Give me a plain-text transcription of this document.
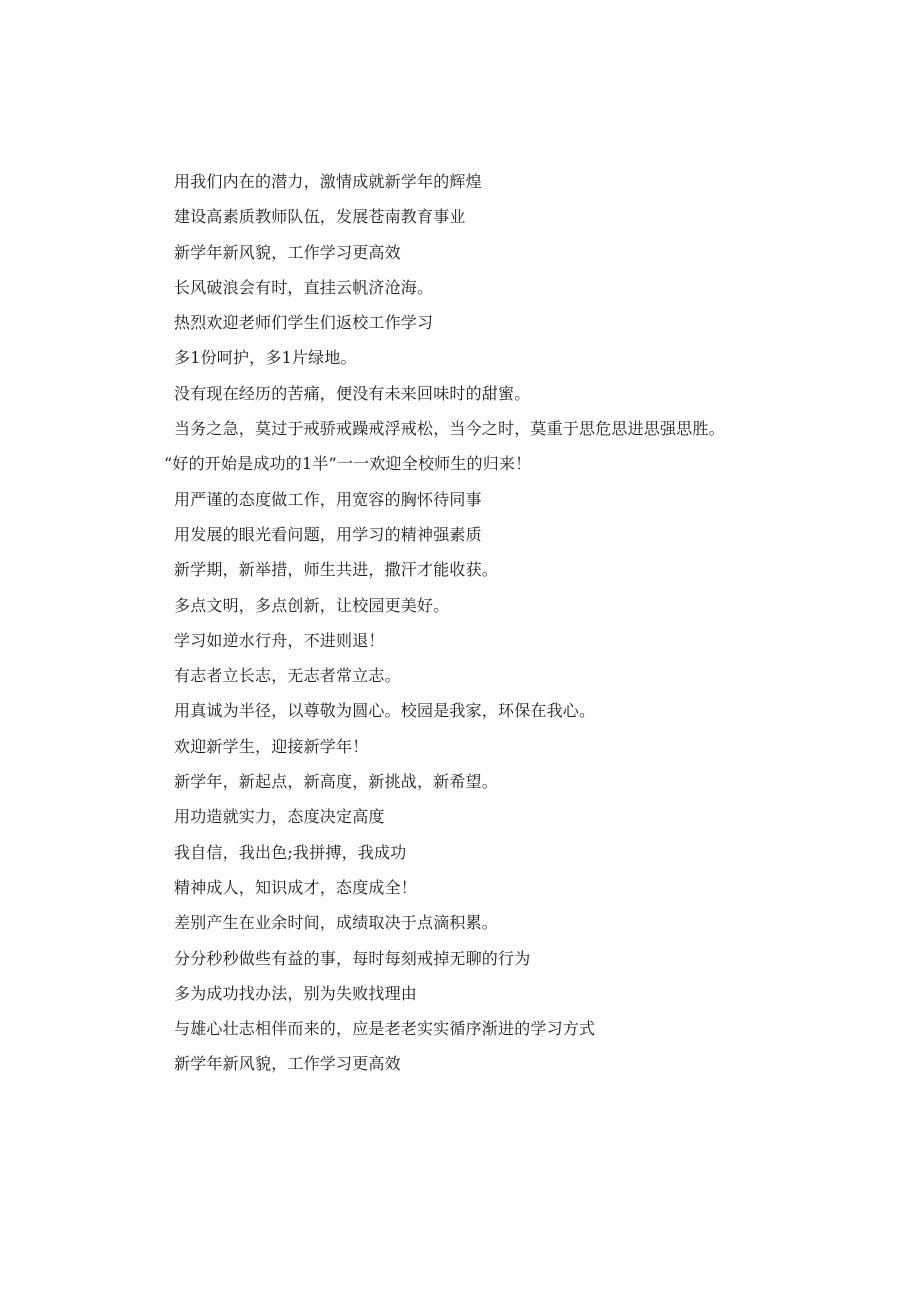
用我们内在的潜力，激情成就新学年的辉煌
建设高素质教师队伍，发展苍南教育事业
新学年新风貌，工作学习更高效
长风破浪会有时，直挂云帆济沧海。
热烈欢迎老师们学生们返校工作学习
多1份呵护，多1片绿地。
没有现在经历的苦痛，便没有未来回味时的甜蜜。
当务之急，莫过于戒骄戒躁戒浮戒松，当今之时，莫重于思危思进思强思胜。
“好的开始是成功的1半”一一欢迎全校师生的归来！
用严谨的态度做工作，用宽容的胸怀待同事
用发展的眼光看问题，用学习的精神强素质
新学期，新举措，师生共进，撒汗才能收获。
多点文明，多点创新，让校园更美好。
学习如逆水行舟，不进则退！
有志者立长志，无志者常立志。
用真诚为半径，以尊敬为圆心。校园是我家，环保在我心。
欢迎新学生，迎接新学年！
新学年，新起点，新高度，新挑战，新希望。
用功造就实力，态度决定高度
我自信，我出色;我拼搏，我成功
精神成人，知识成才，态度成全！
差别产生在业余时间，成绩取决于点滴积累。
分分秒秒做些有益的事，每时每刻戒掉无聊的行为
多为成功找办法，别为失败找理由
与雄心壮志相伴而来的，应是老老实实循序渐进的学习方式
新学年新风貌，工作学习更高效
